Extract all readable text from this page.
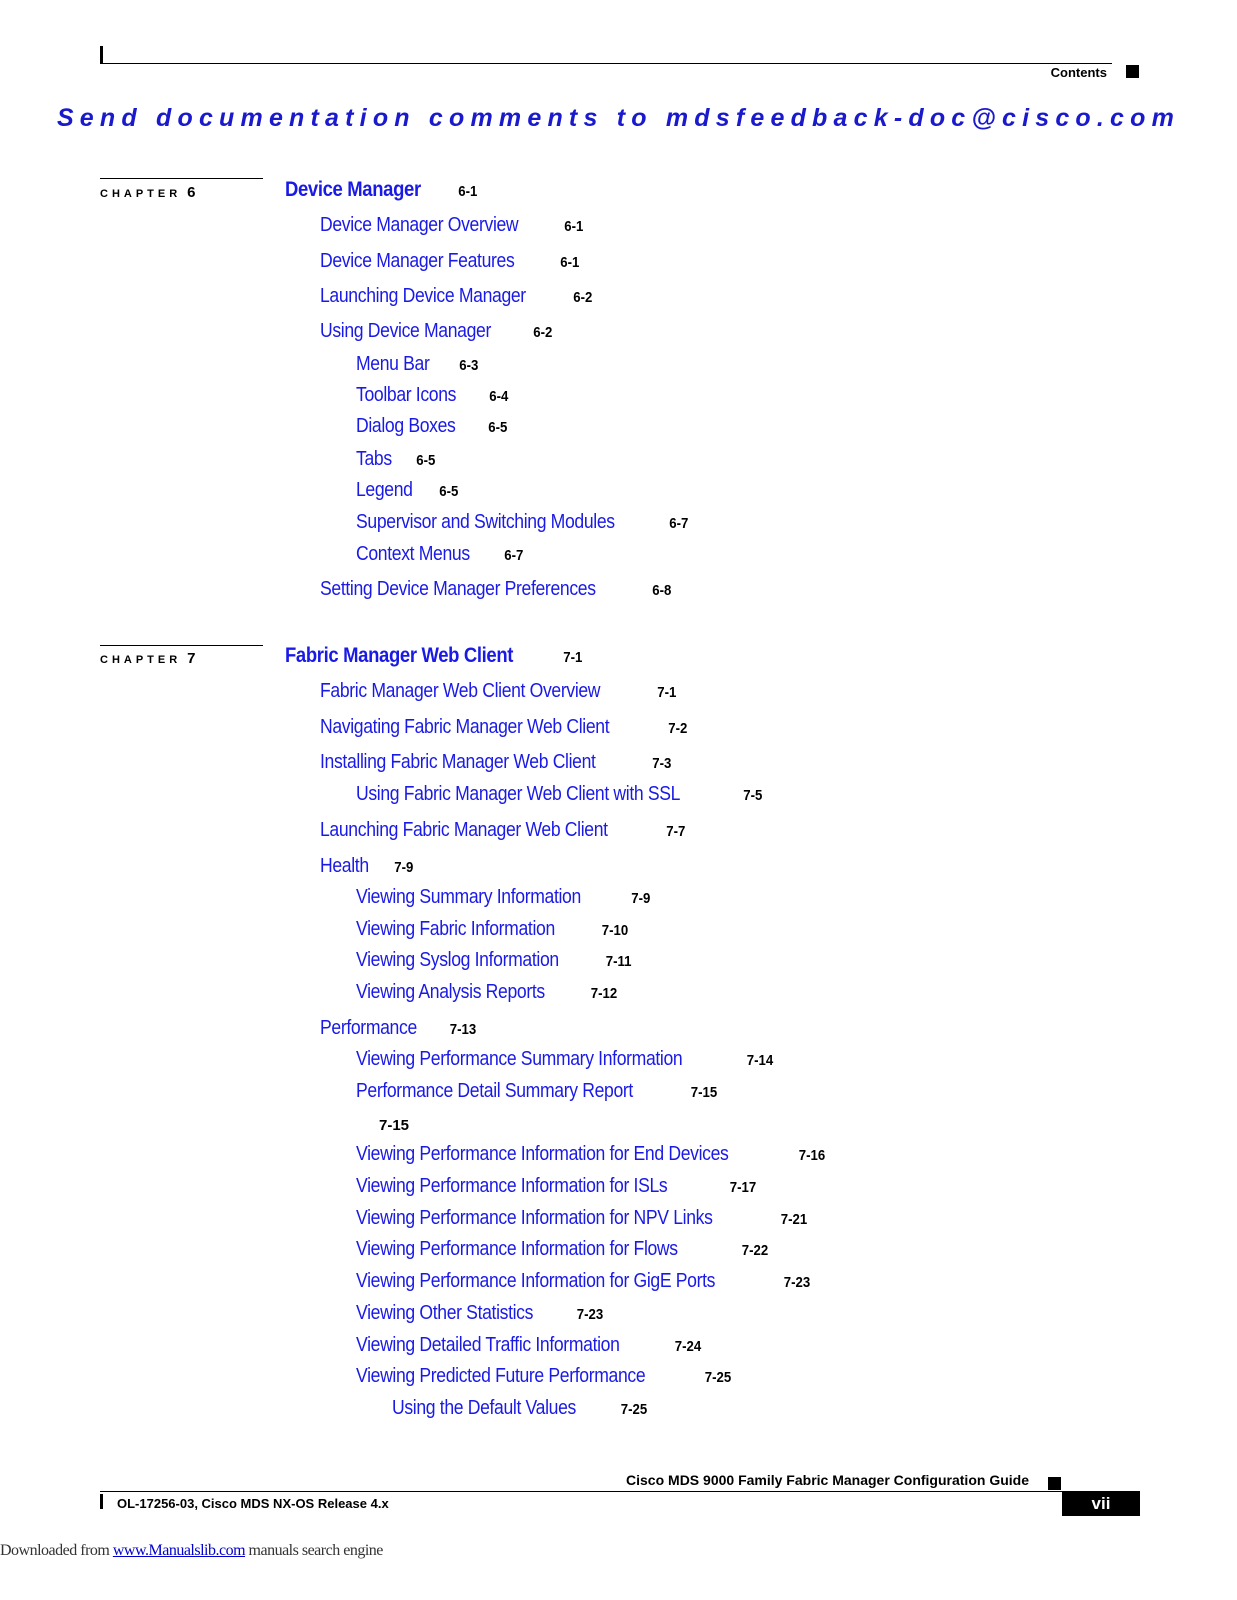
Contents
Send documentation comments to mdsfeedback-doc@cisco.com
CHAPTER 6	Device Manager	6-1
Device Manager Overview	6-1
Device Manager Features	6-1
Launching Device Manager	6-2
Using Device Manager	6-2
Menu Bar 6-3
Toolbar Icons 6-4
Dialog Boxes 6-5
Tabs 6-5
Legend 6-5
Supervisor and Switching Modules	6-7
Context Menus 6-7
Setting Device Manager Preferences	6-8
CHAPTER 7	Fabric Manager Web Client	7-1
Fabric Manager Web Client Overview	7-1
Navigating Fabric Manager Web Client	7-2
Installing Fabric Manager Web Client	7-3
Using Fabric Manager Web Client with SSL	7-5
Launching Fabric Manager Web Client	7-7
Health 7-9
Viewing Summary Information	7-9
Viewing Fabric Information	7-10
Viewing Syslog Information	7-11
Viewing Analysis Reports	7-12
Performance 7-13
Viewing Performance Summary Information	7-14
Performance Detail Summary Report	7-15
7-15
Viewing Performance Information for End Devices	7-16
Viewing Performance Information for ISLs	7-17
Viewing Performance Information for NPV Links	7-21
Viewing Performance Information for Flows	7-22
Viewing Performance Information for GigE Ports	7-23
Viewing Other Statistics	7-23
Viewing Detailed Traffic Information	7-24
Viewing Predicted Future Performance	7-25
Using the Default Values	7-25
Cisco MDS 9000 Family Fabric Manager Configuration Guide
OL-17256-03, Cisco MDS NX-OS Release 4.x	vii
Downloaded from www.Manualslib.com manuals search engine
